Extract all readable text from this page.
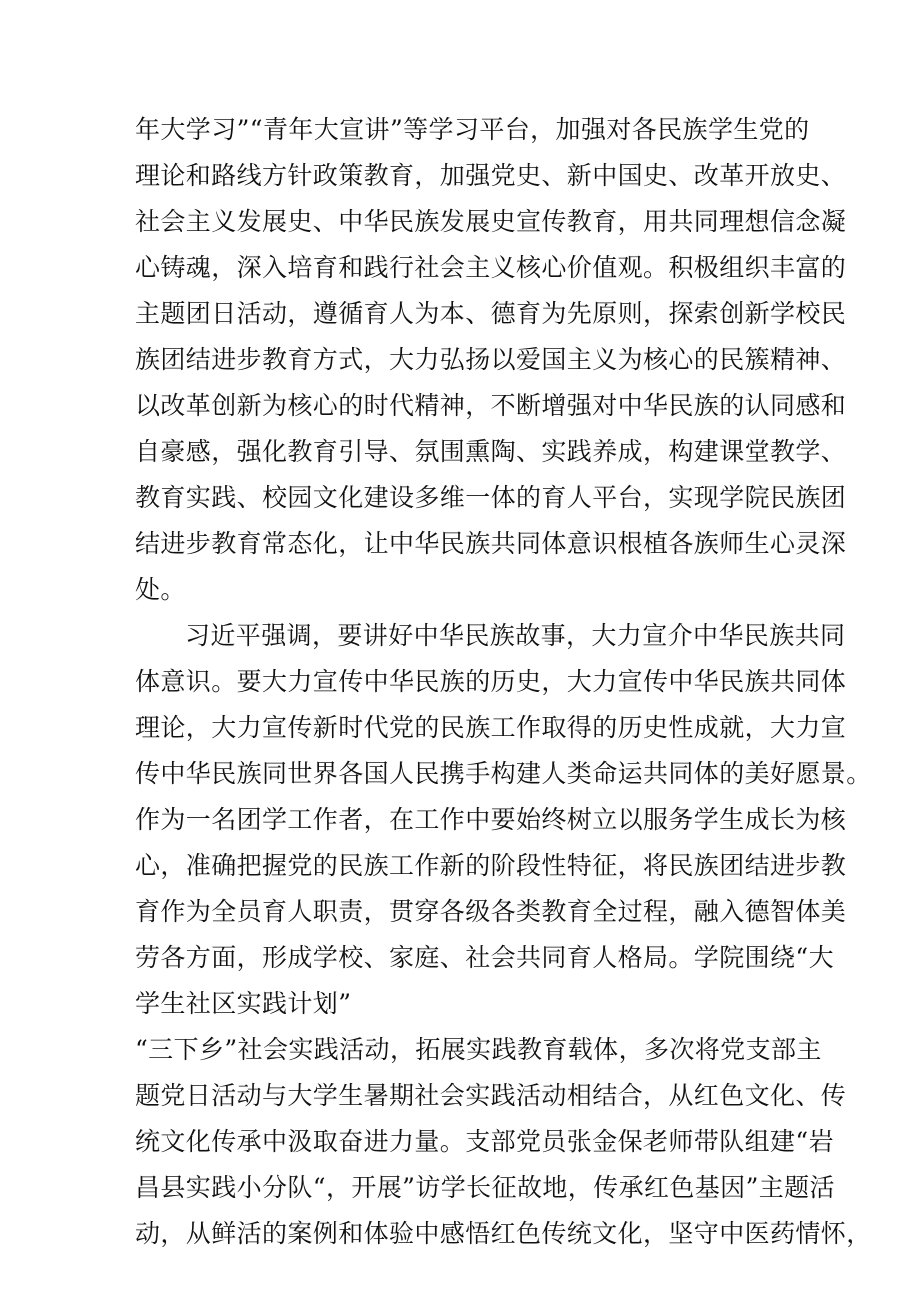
年大学习”“青年大宣讲”等学习平台，加强对各民族学生党的
理论和路线方针政策教育，加强党史、新中国史、改革开放史、
社会主义发展史、中华民族发展史宣传教育，用共同理想信念凝
心铸魂，深入培育和践行社会主义核心价值观。积极组织丰富的
主题团日活动，遵循育人为本、德育为先原则，探索创新学校民
族团结进步教育方式，大力弘扬以爱国主义为核心的民簇精神、
以改革创新为核心的时代精神，不断增强对中华民族的认同感和
自豪感，强化教育引导、氛围熏陶、实践养成，构建课堂教学、
教育实践、校园文化建设多维一体的育人平台，实现学院民族团
结进步教育常态化，让中华民族共同体意识根植各族师生心灵深
处。
习近平强调，要讲好中华民族故事，大力宣介中华民族共同
体意识。要大力宣传中华民族的历史，大力宣传中华民族共同体
理论，大力宣传新时代党的民族工作取得的历史性成就，大力宣
传中华民族同世界各国人民携手构建人类命运共同体的美好愿景。
作为一名团学工作者，在工作中要始终树立以服务学生成长为核
心，准确把握党的民族工作新的阶段性特征，将民族团结进步教
育作为全员育人职责，贯穿各级各类教育全过程，融入德智体美
劳各方面，形成学校、家庭、社会共同育人格局。学院围绕“大
学生社区实践计划”
“三下乡”社会实践活动，拓展实践教育载体，多次将党支部主
题党日活动与大学生暑期社会实践活动相结合，从红色文化、传
统文化传承中汲取奋进力量。支部党员张金保老师带队组建“岩
昌县实践小分队“，开展”访学长征故地，传承红色基因”主题活
动，从鲜活的案例和体验中感悟红色传统文化，坚守中医药情怀，
